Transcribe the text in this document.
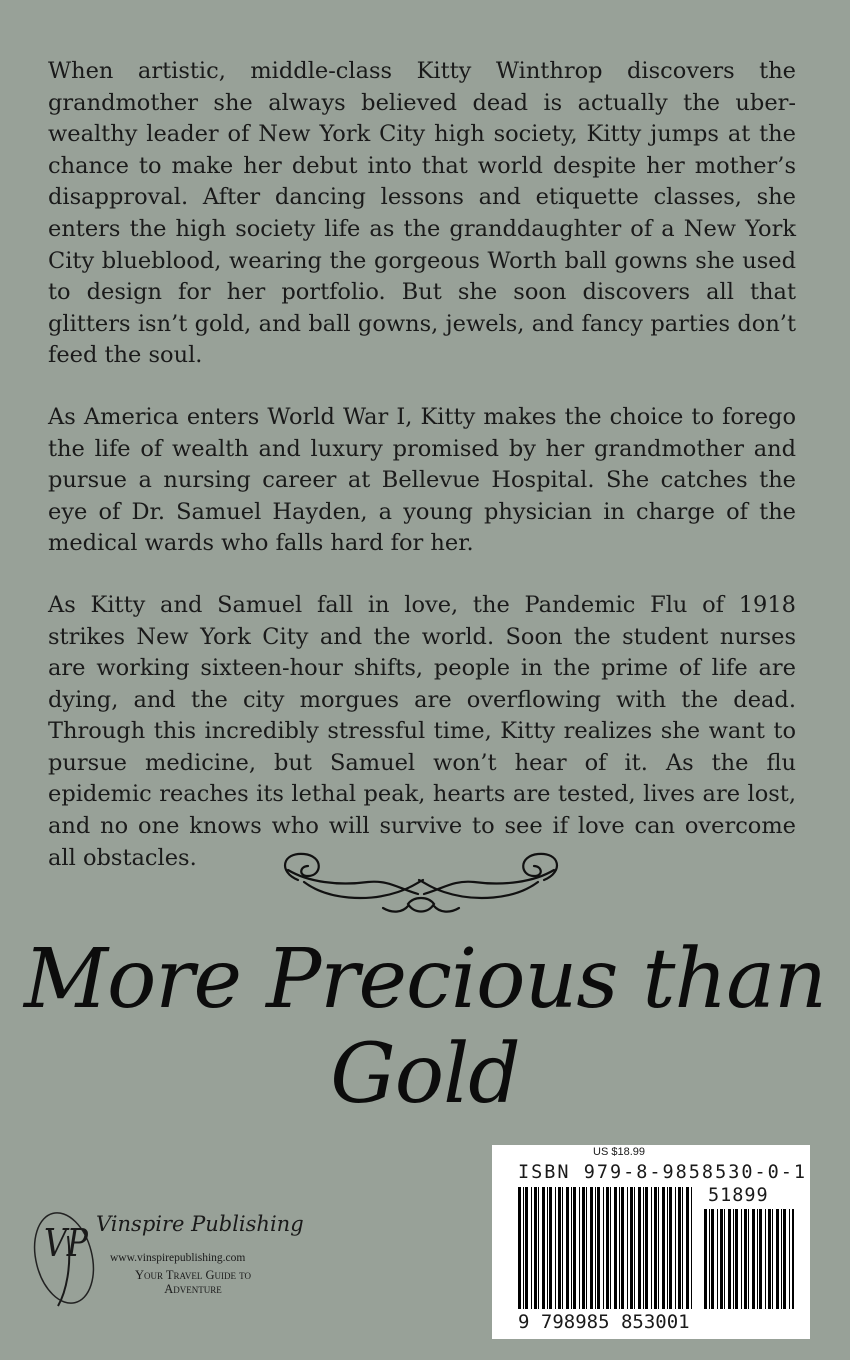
When artistic, middle-class Kitty Winthrop discovers the grandmother she always believed dead is actually the uber-wealthy leader of New York City high society, Kitty jumps at the chance to make her debut into that world despite her mother’s disapproval. After dancing lessons and etiquette classes, she enters the high society life as the granddaughter of a New York City blueblood, wearing the gorgeous Worth ball gowns she used to design for her portfolio. But she soon discovers all that glitters isn’t gold, and ball gowns, jewels, and fancy parties don’t feed the soul.

As America enters World War I, Kitty makes the choice to forego the life of wealth and luxury promised by her grandmother and pursue a nursing career at Bellevue Hospital. She catches the eye of Dr. Samuel Hayden, a young physician in charge of the medical wards who falls hard for her.

As Kitty and Samuel fall in love, the Pandemic Flu of 1918 strikes New York City and the world. Soon the student nurses are working sixteen-hour shifts, people in the prime of life are dying, and the city morgues are overflowing with the dead. Through this incredibly stressful time, Kitty realizes she want to pursue medicine, but Samuel won’t hear of it. As the flu epidemic reaches its lethal peak, hearts are tested, lives are lost, and no one knows who will survive to see if love can overcome all obstacles.

More Precious than Gold
VP Vinspire Publishing
www.vinspirepublishing.com
Your Travel Guide to Adventure
US $18.99
ISBN 979-8-9858530-0-1
51899
9 798985 853001
